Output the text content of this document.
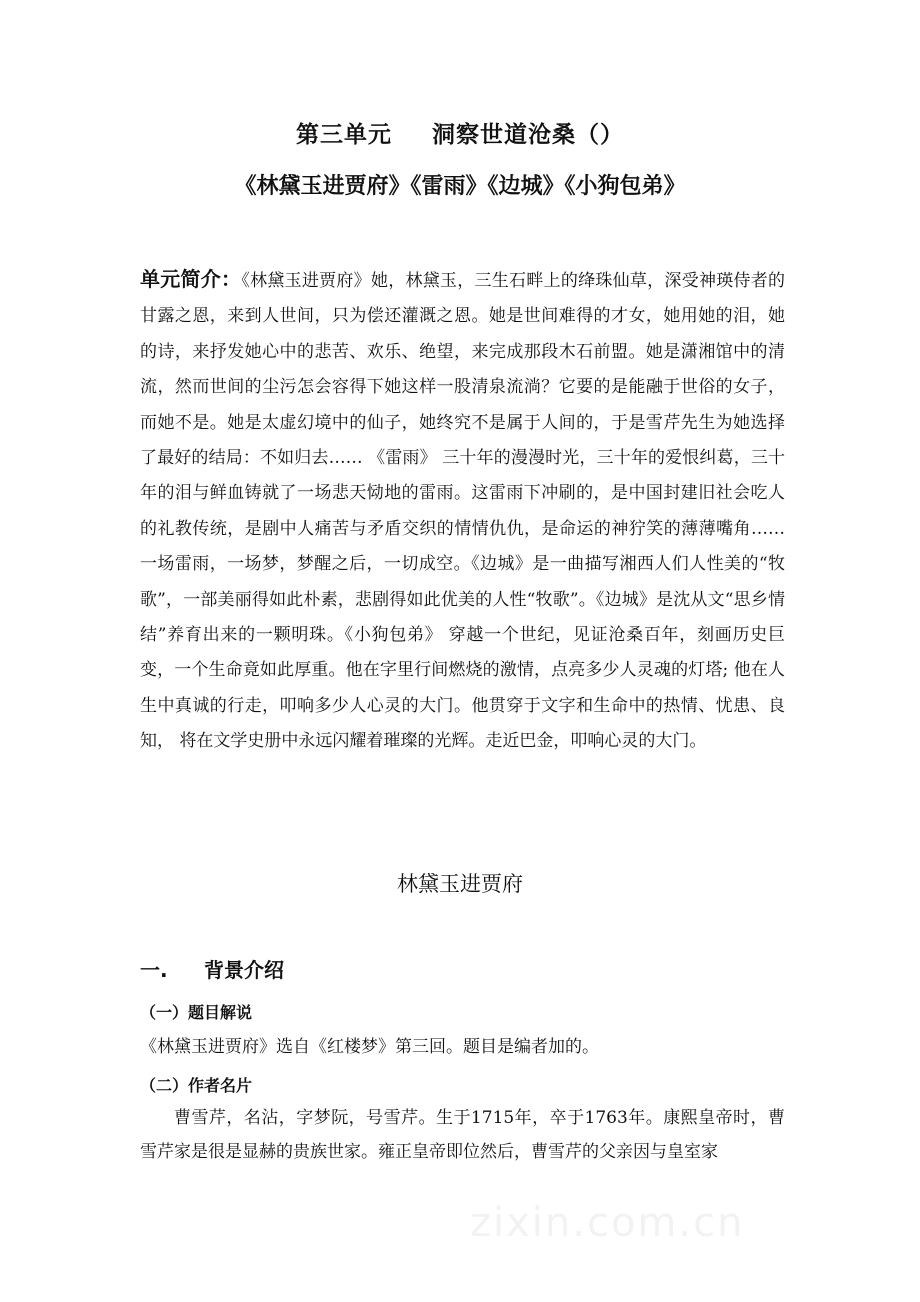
第三单元 洞察世道沧桑（）
《林黛玉进贾府》《雷雨》《边城》《小狗包弟》
单元简介：《林黛玉进贾府》她，林黛玉，三生石畔上的绛珠仙草，深受神瑛侍者的甘露之恩，来到人世间，只为偿还灌溉之恩。她是世间难得的才女，她用她的泪，她的诗，来抒发她心中的悲苦、欢乐、绝望，来完成那段木石前盟。她是潇湘馆中的清流，然而世间的尘污怎会容得下她这样一股清泉流淌？它要的是能融于世俗的女子，而她不是。她是太虚幻境中的仙子，她终究不是属于人间的，于是雪芹先生为她选择了最好的结局：不如归去…… 《雷雨》 三十年的漫漫时光，三十年的爱恨纠葛，三十年的泪与鲜血铸就了一场悲天恸地的雷雨。这雷雨下冲刷的，是中国封建旧社会吃人的礼教传统，是剧中人痛苦与矛盾交织的情情仇仇，是命运的神狞笑的薄薄嘴角……一场雷雨，一场梦，梦醒之后，一切成空。《边城》是一曲描写湘西人们人性美的“牧歌”，一部美丽得如此朴素，悲剧得如此优美的人性“牧歌”。《边城》是沈从文“思乡情结”养育出来的一颗明珠。《小狗包弟》 穿越一个世纪，见证沧桑百年，刻画历史巨变，一个生命竟如此厚重。他在字里行间燃烧的激情，点亮多少人灵魂的灯塔; 他在人生中真诚的行走，叩响多少人心灵的大门。他贯穿于文字和生命中的热情、忧患、良知， 将在文学史册中永远闪耀着璀璨的光辉。走近巴金，叩响心灵的大门。
林黛玉进贾府
一. 背景介绍
（一）题目解说
《林黛玉进贾府》选自《红楼梦》第三回。题目是编者加的。
（二）作者名片
曹雪芹，名沾，字梦阮，号雪芹。生于1715年，卒于1763年。康熙皇帝时，曹雪芹家是很是显赫的贵族世家。雍正皇帝即位然后，曹雪芹的父亲因与皇室家
zixin.com.cn
